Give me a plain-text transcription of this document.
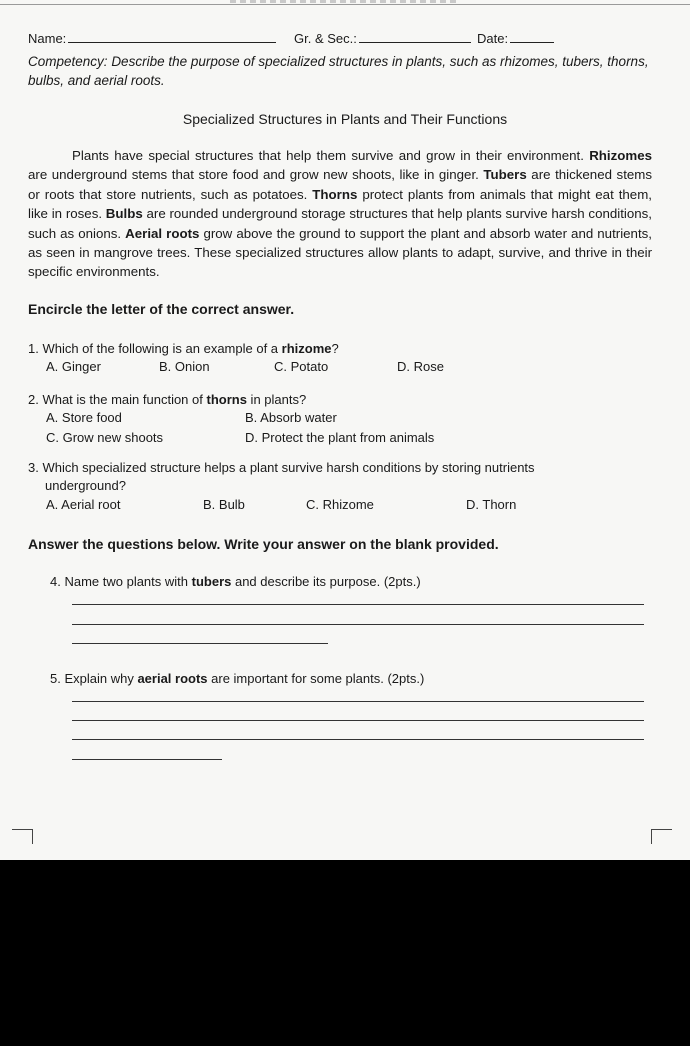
Name:	Gr. & Sec.:	Date:
Competency: Describe the purpose of specialized structures in plants, such as rhizomes, tubers, thorns, bulbs, and aerial roots.
Specialized Structures in Plants and Their Functions
Plants have special structures that help them survive and grow in their environment. Rhizomes are underground stems that store food and grow new shoots, like in ginger. Tubers are thickened stems or roots that store nutrients, such as potatoes. Thorns protect plants from animals that might eat them, like in roses. Bulbs are rounded underground storage structures that help plants survive harsh conditions, such as onions. Aerial roots grow above the ground to support the plant and absorb water and nutrients, as seen in mangrove trees. These specialized structures allow plants to adapt, survive, and thrive in their specific environments.
Encircle the letter of the correct answer.
1. Which of the following is an example of a rhizome?
A. Ginger	B. Onion	C. Potato	D. Rose
2. What is the main function of thorns in plants?
A. Store food	B. Absorb water
C. Grow new shoots	D. Protect the plant from animals
3. Which specialized structure helps a plant survive harsh conditions by storing nutrients
underground?
A. Aerial root	B. Bulb	C. Rhizome	D. Thorn
Answer the questions below. Write your answer on the blank provided.
4. Name two plants with tubers and describe its purpose. (2pts.)
5. Explain why aerial roots are important for some plants. (2pts.)
